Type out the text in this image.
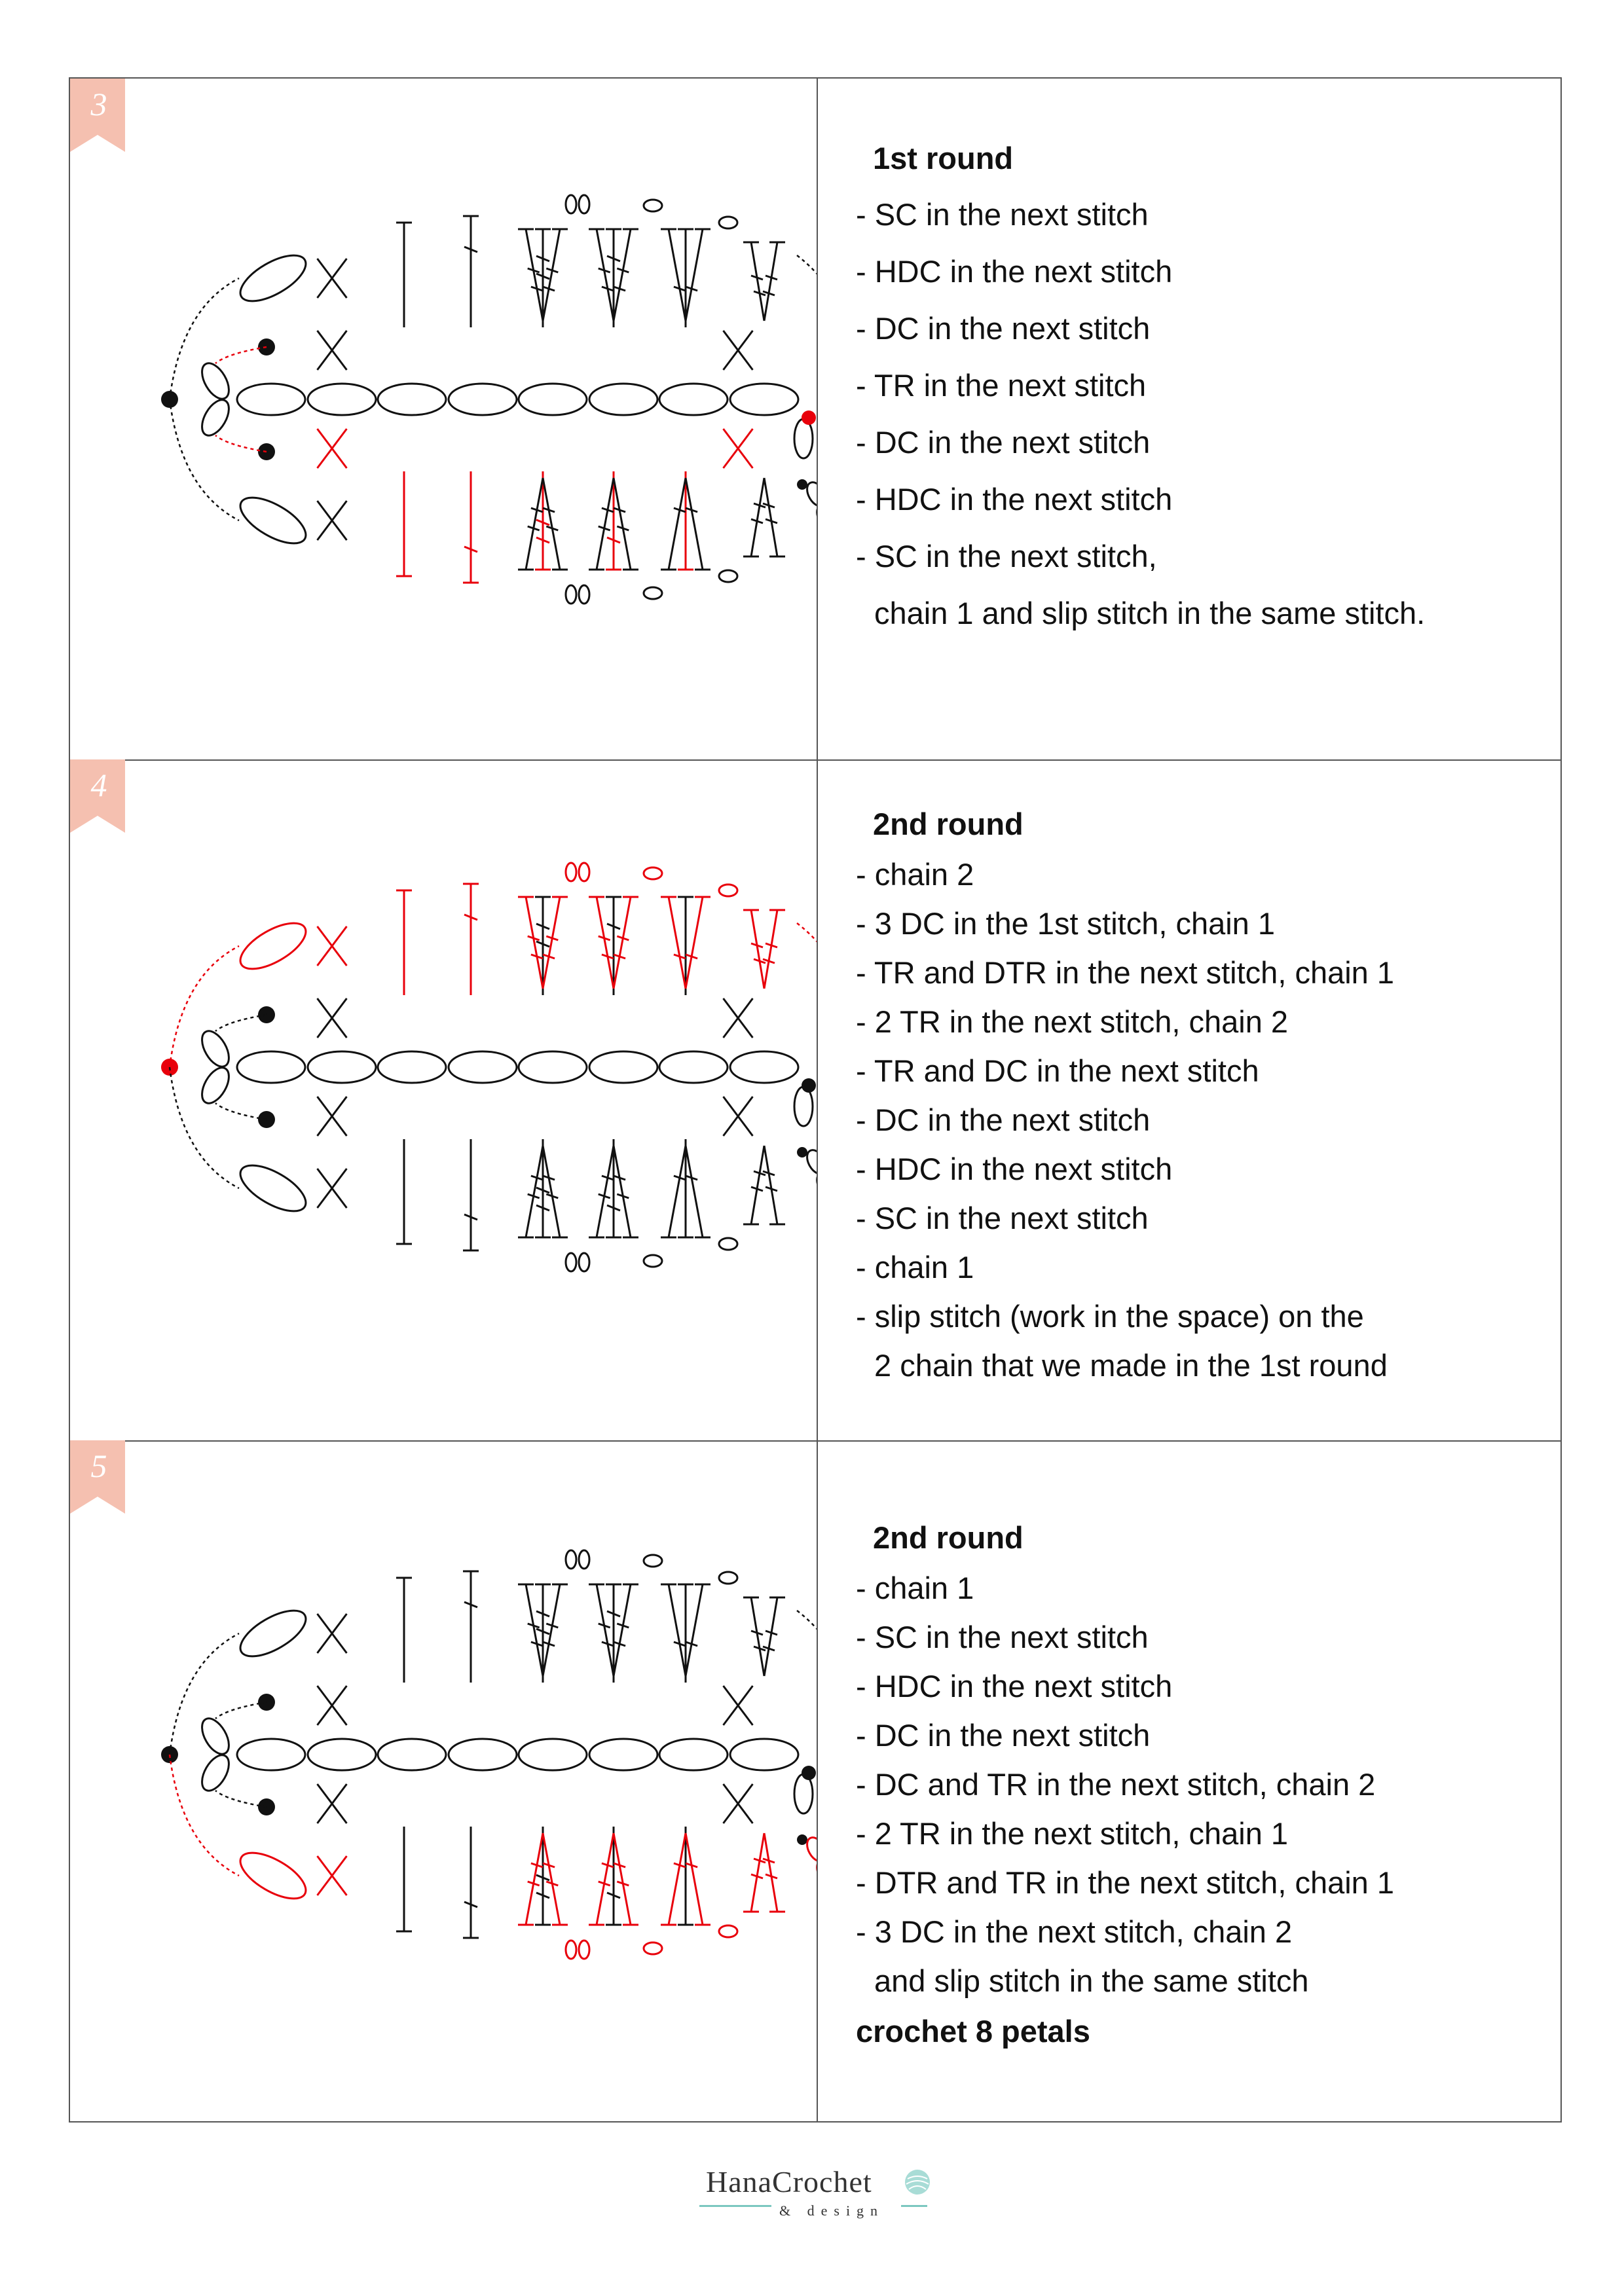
3
1st round
- SC in the next stitch
- HDC in the next stitch
- DC in the next stitch
- TR in the next stitch
- DC in the next stitch
- HDC in the next stitch
- SC in the next stitch,
chain 1 and slip stitch in the same stitch.
4
2nd round
- chain 2
- 3 DC in the 1st stitch, chain 1
- TR and DTR in the next stitch, chain 1
- 2 TR in the next stitch, chain 2
- TR and DC in the next stitch
- DC in the next stitch
- HDC in the next stitch
- SC in the next stitch
- chain 1
- slip stitch (work in the space) on the
2 chain that we made in the 1st round
5
2nd round
- chain 1
- SC in the next stitch
- HDC in the next stitch
- DC in the next stitch
- DC and TR in the next stitch, chain 2
- 2 TR in the next stitch, chain 1
- DTR and TR in the next stitch, chain 1
- 3 DC in the next stitch, chain 2
and slip stitch in the same stitch
crochet 8 petals
HanaCrochet
& design
